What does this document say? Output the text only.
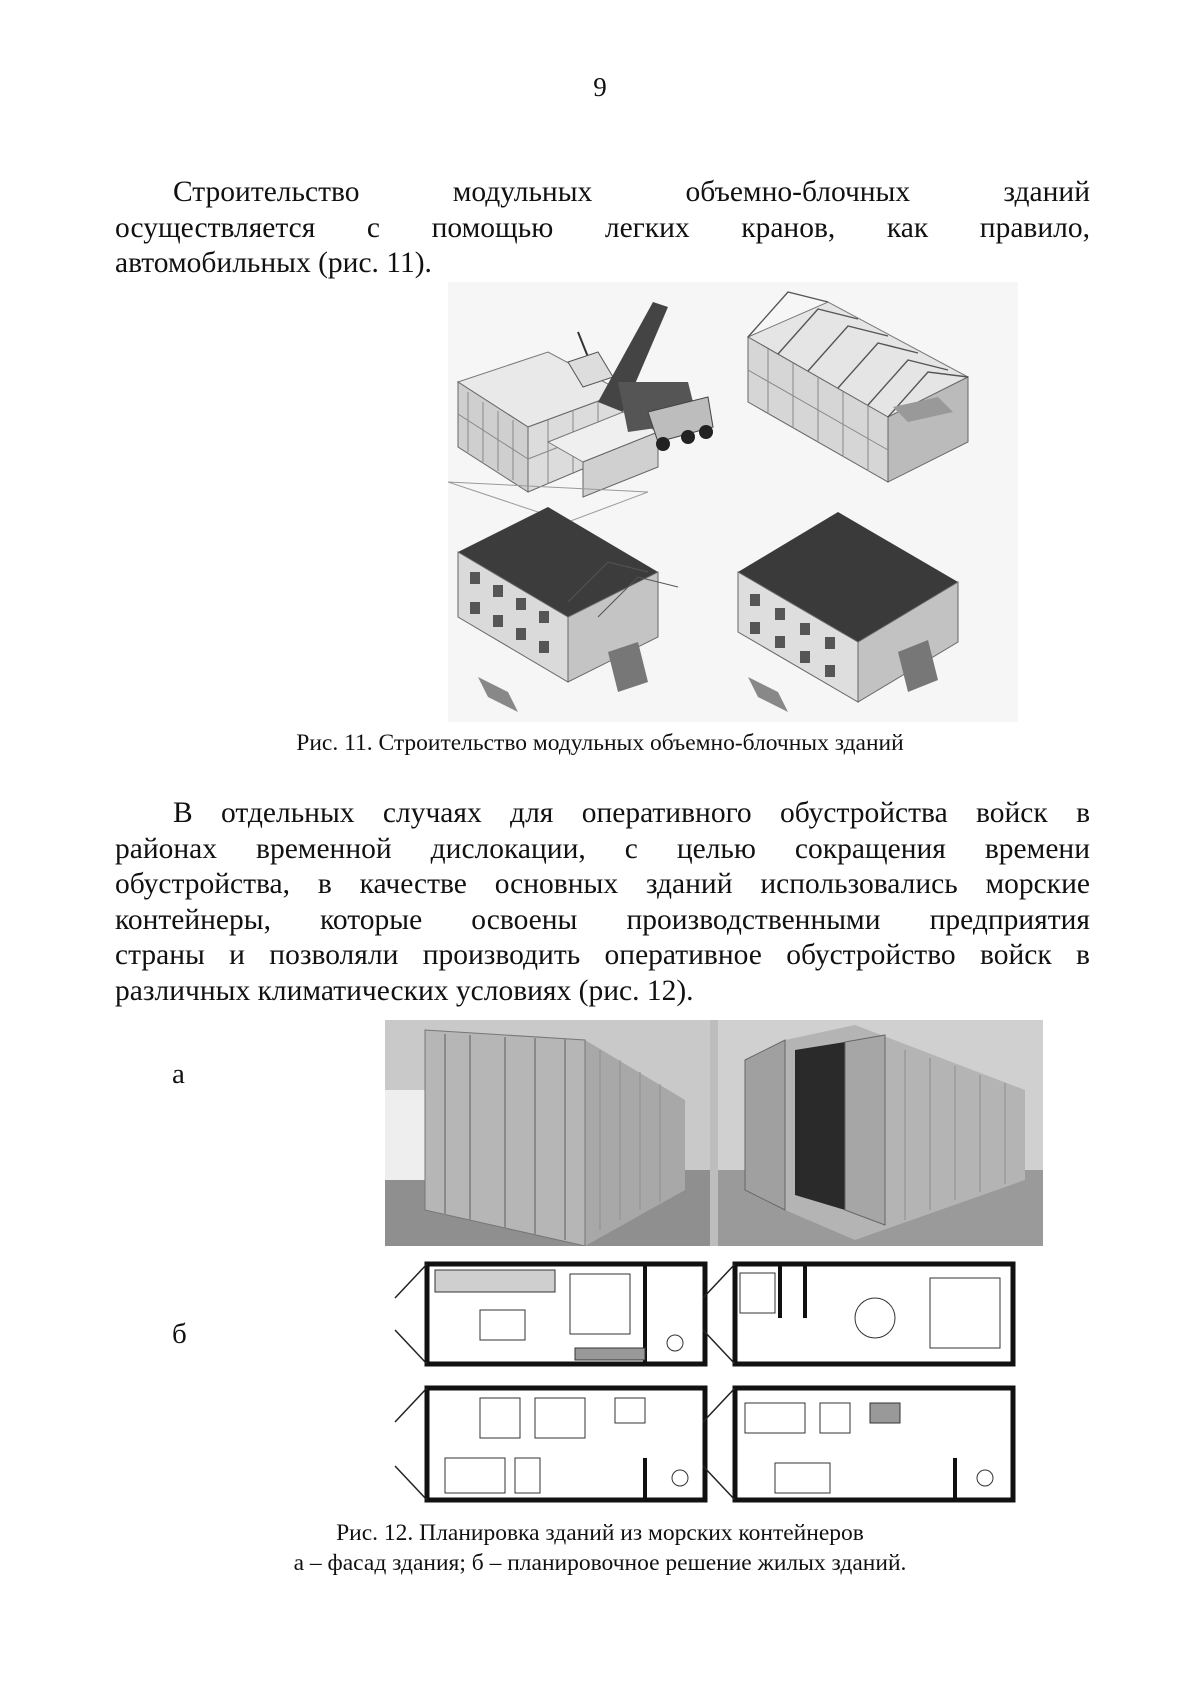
9
Строительство модульных объемно-блочных зданий
осуществляется с помощью легких кранов, как правило,
автомобильных (рис. 11).
Рис. 11. Строительство модульных объемно-блочных зданий
В отдельных случаях для оперативного обустройства войск в
районах временной дислокации, с целью сокращения времени
обустройства, в качестве основных зданий использовались морские
контейнеры, которые освоены производственными предприятия
страны и позволяли производить оперативное обустройство войск в
различных климатических условиях (рис. 12).
а
б
Рис. 12. Планировка зданий из морских контейнеров
а – фасад здания; б – планировочное решение жилых зданий.
